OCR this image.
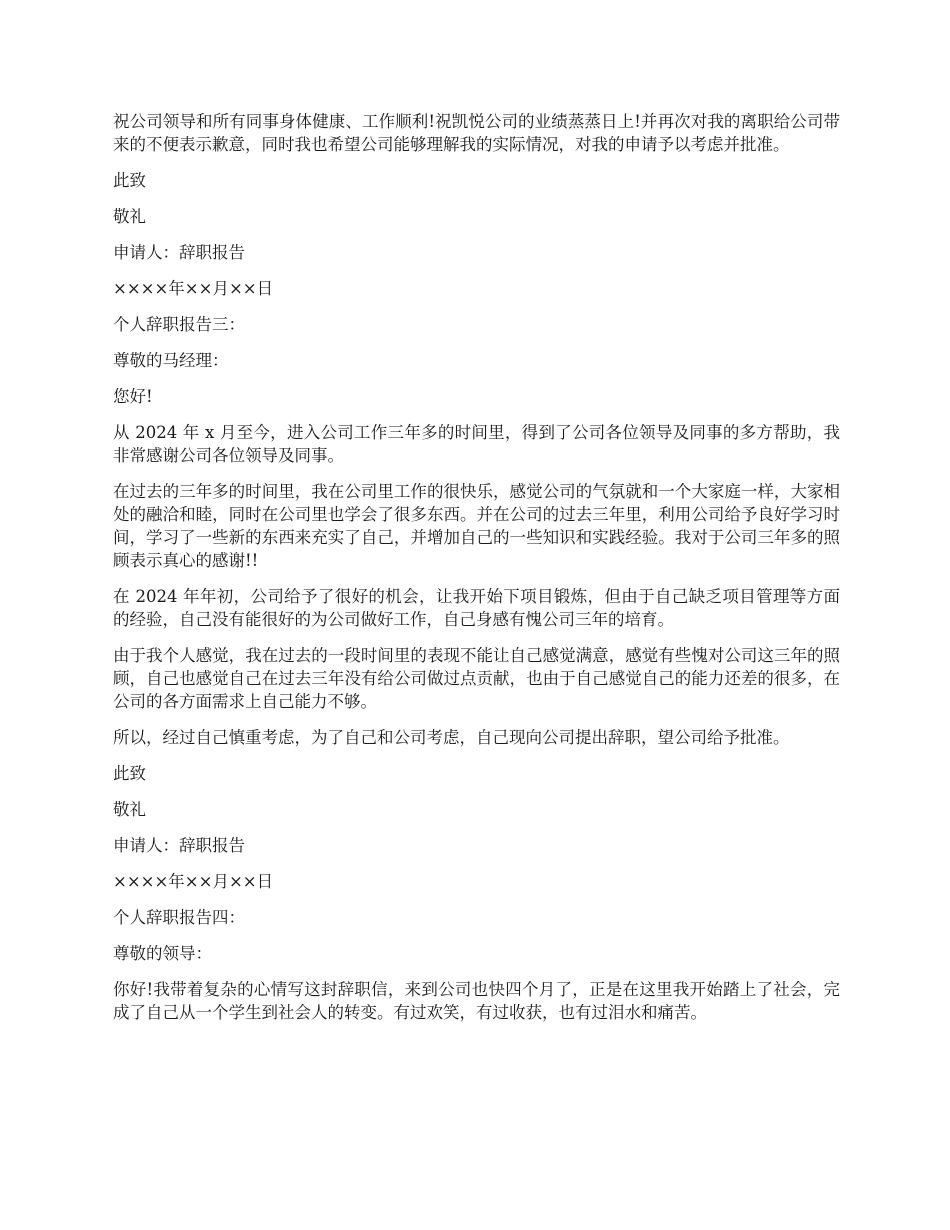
祝公司领导和所有同事身体健康、工作顺利!祝凯悦公司的业绩蒸蒸日上!并再次对我的离职给公司带来的不便表示歉意，同时我也希望公司能够理解我的实际情况，对我的申请予以考虑并批准。

此致

敬礼

申请人：辞职报告

××××年××月××日

个人辞职报告三：

尊敬的马经理：

您好!

从 2024 年 x 月至今，进入公司工作三年多的时间里，得到了公司各位领导及同事的多方帮助，我非常感谢公司各位领导及同事。

在过去的三年多的时间里，我在公司里工作的很快乐，感觉公司的气氛就和一个大家庭一样，大家相处的融洽和睦，同时在公司里也学会了很多东西。并在公司的过去三年里，利用公司给予良好学习时间，学习了一些新的东西来充实了自己，并增加自己的一些知识和实践经验。我对于公司三年多的照顾表示真心的感谢!!

在 2024 年年初，公司给予了很好的机会，让我开始下项目锻炼，但由于自己缺乏项目管理等方面的经验，自己没有能很好的为公司做好工作，自己身感有愧公司三年的培育。

由于我个人感觉，我在过去的一段时间里的表现不能让自己感觉满意，感觉有些愧对公司这三年的照顾，自己也感觉自己在过去三年没有给公司做过点贡献，也由于自己感觉自己的能力还差的很多，在公司的各方面需求上自己能力不够。

所以，经过自己慎重考虑，为了自己和公司考虑，自己现向公司提出辞职，望公司给予批准。

此致

敬礼

申请人：辞职报告

××××年××月××日

个人辞职报告四：

尊敬的领导：

你好!我带着复杂的心情写这封辞职信，来到公司也快四个月了，正是在这里我开始踏上了社会，完成了自己从一个学生到社会人的转变。有过欢笑，有过收获，也有过泪水和痛苦。
